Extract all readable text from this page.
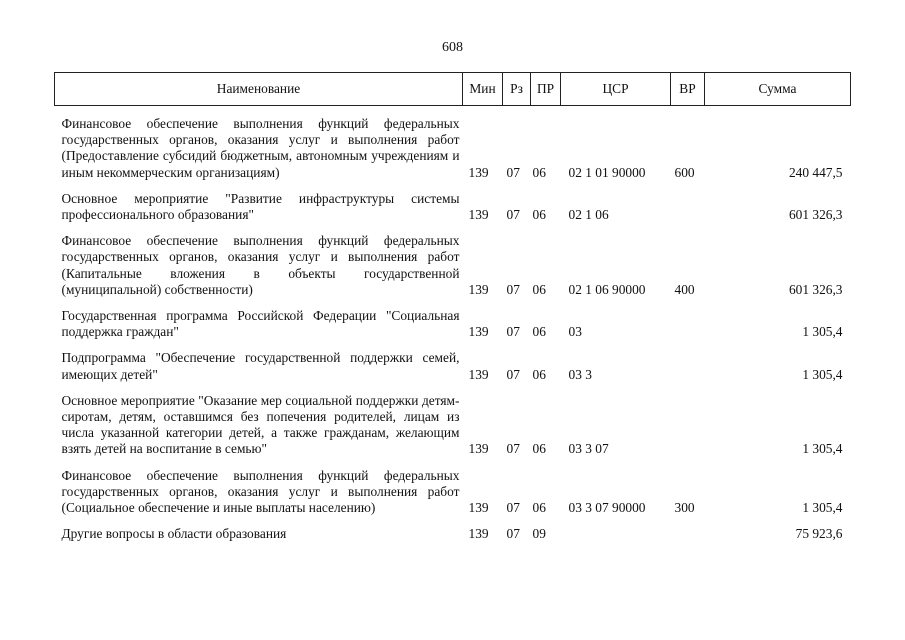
608
Наименование	Мин	Рз	ПР	ЦСР	ВР	Сумма

Финансовое обеспечение выполнения функций федеральных государственных органов, оказания услуг и выполнения работ (Предоставление субсидий бюджетным, автономным учреждениям и иным некоммерческим организациям)	139	07	06	02 1 01 90000	600	240 447,5

Основное мероприятие "Развитие инфраструктуры системы профессионального образования"	139	07	06	02 1 06		601 326,3

Финансовое обеспечение выполнения функций федеральных государственных органов, оказания услуг и выполнения работ (Капитальные вложения в объекты государственной (муниципальной) собственности)	139	07	06	02 1 06 90000	400	601 326,3

Государственная программа Российской Федерации "Социальная поддержка граждан"	139	07	06	03		1 305,4

Подпрограмма "Обеспечение государственной поддержки семей, имеющих детей"	139	07	06	03 3		1 305,4

Основное мероприятие "Оказание мер социальной поддержки детям-сиротам, детям, оставшимся без попечения родителей, лицам из числа указанной категории детей, а также гражданам, желающим взять детей на воспитание в семью"	139	07	06	03 3 07		1 305,4

Финансовое обеспечение выполнения функций федеральных государственных органов, оказания услуг и выполнения работ (Социальное обеспечение и иные выплаты населению)	139	07	06	03 3 07 90000	300	1 305,4

Другие вопросы в области образования	139	07	09			75 923,6
